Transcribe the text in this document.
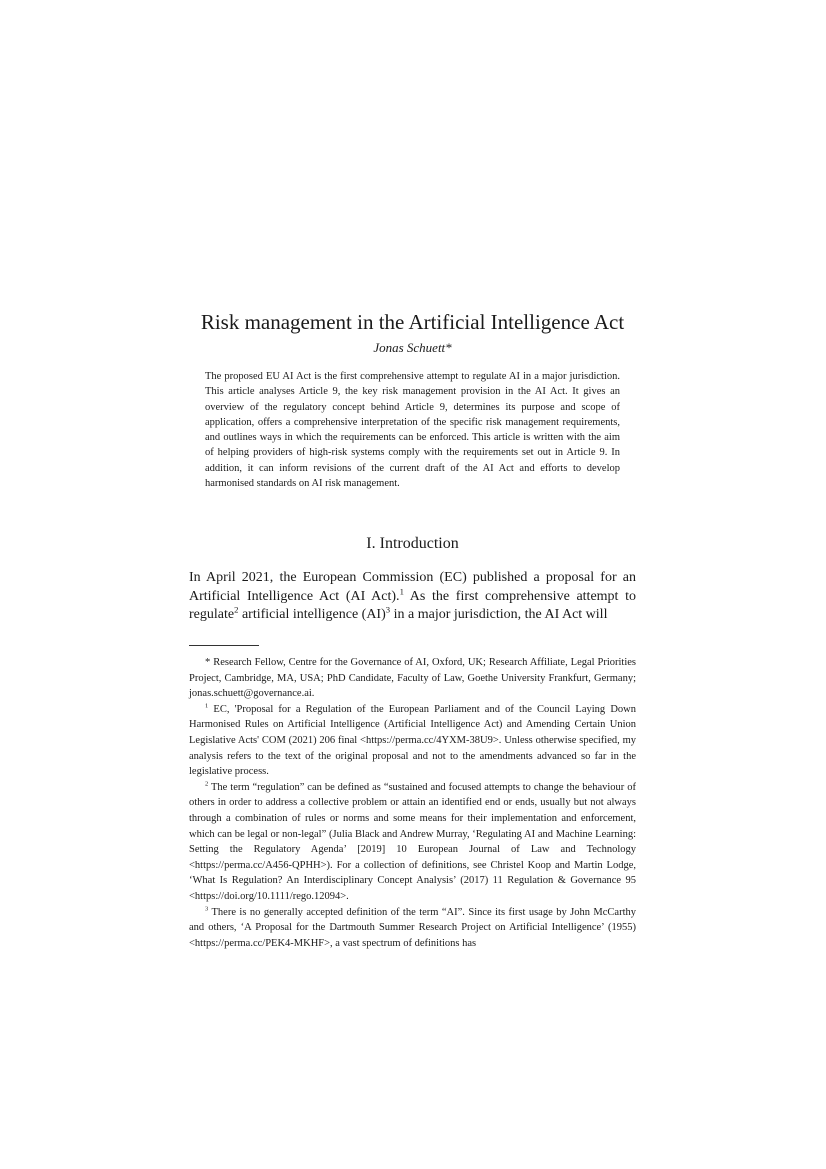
Risk management in the Artificial Intelligence Act
Jonas Schuett*
The proposed EU AI Act is the first comprehensive attempt to regulate AI in a major jurisdiction. This article analyses Article 9, the key risk management provision in the AI Act. It gives an overview of the regulatory concept behind Article 9, determines its purpose and scope of application, offers a comprehensive interpretation of the specific risk management requirements, and outlines ways in which the requirements can be enforced. This article is written with the aim of helping providers of high-risk systems comply with the requirements set out in Article 9. In addition, it can inform revisions of the current draft of the AI Act and efforts to develop harmonised standards on AI risk management.
I. Introduction
In April 2021, the European Commission (EC) published a proposal for an Artificial Intelligence Act (AI Act).$^1$ As the first comprehensive attempt to regulate$^2$ artificial intelligence (AI)$^3$ in a major jurisdiction, the AI Act will

* Research Fellow, Centre for the Governance of AI, Oxford, UK; Research Affiliate, Legal Priorities Project, Cambridge, MA, USA; PhD Candidate, Faculty of Law, Goethe University Frankfurt, Germany; jonas.schuett@governance.ai.

$^1$ EC, 'Proposal for a Regulation of the European Parliament and of the Council Laying Down Harmonised Rules on Artificial Intelligence (Artificial Intelligence Act) and Amending Certain Union Legislative Acts' COM (2021) 206 final <https://perma.cc/4YXM-38U9>. Unless otherwise specified, my analysis refers to the text of the original proposal and not to the amendments advanced so far in the legislative process.

$^2$ The term “regulation” can be defined as “sustained and focused attempts to change the behaviour of others in order to address a collective problem or attain an identified end or ends, usually but not always through a combination of rules or norms and some means for their implementation and enforcement, which can be legal or non-legal” (Julia Black and Andrew Murray, ‘Regulating AI and Machine Learning: Setting the Regulatory Agenda’ [2019] 10 European Journal of Law and Technology <https://perma.cc/A456-QPHH>). For a collection of definitions, see Christel Koop and Martin Lodge, ‘What Is Regulation? An Interdisciplinary Concept Analysis’ (2017) 11 Regulation & Governance 95 <https://doi.org/10.1111/rego.12094>.

$^3$ There is no generally accepted definition of the term “AI”. Since its first usage by John McCarthy and others, ‘A Proposal for the Dartmouth Summer Research Project on Artificial Intelligence’ (1955) <https://perma.cc/PEK4-MKHF>, a vast spectrum of definitions has
